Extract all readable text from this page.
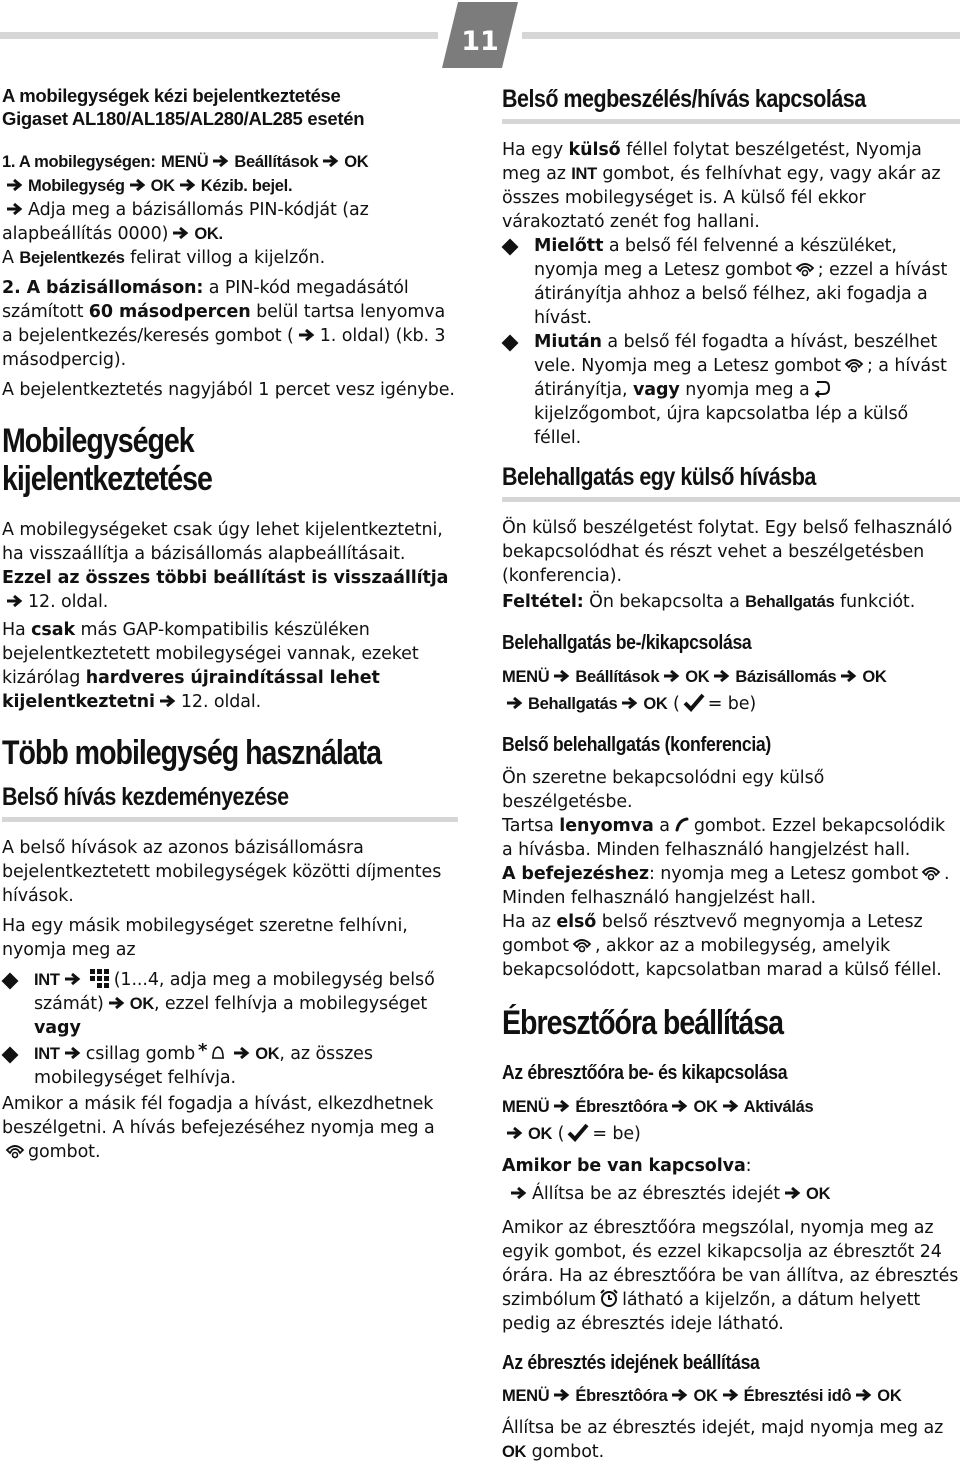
11

A mobilegységek kézi bejelentkeztetése Gigaset AL180/AL185/AL280/AL285 esetén

1. A mobilegységen: MENÜ Beállítások OK
Mobilegység OK Kézib. bejel.
Adja meg a bázisállomás PIN-kódját (az alapbeállítás 0000) OK.
A Bejelentkezés felirat villog a kijelzőn.

2. A bázisállomáson: a PIN-kód megadásától számított 60 másodpercen belül tartsa lenyomva a bejelentkezés/keresés gombot ( 1. oldal) (kb. 3 másodpercig).

A bejelentkeztetés nagyjából 1 percet vesz igénybe.

Mobilegységek

kijelentkeztetése

A mobilegységeket csak úgy lehet kijelentkeztetni, ha visszaállítja a bázisállomás alapbeállításait.

Ezzel az összes többi beállítást is visszaállítja
12. oldal.

Ha csak más GAP-kompatibilis készüléken bejelentkeztetett mobilegységei vannak, ezeket kizárólag hardveres újraindítással lehet kijelentkeztetni 12. oldal.

Több mobilegység használata

Belső hívás kezdeményezése

A belső hívások az azonos bázisállomásra bejelentkeztetett mobilegységek közötti díjmentes hívások.

Ha egy másik mobilegységet szeretne felhívni, nyomja meg az

INT	(1...4, adja meg a mobilegység belső számát) OK, ezzel felhívja a mobilegységet
vagy

INT csillag gomb *	OK, az összes mobilegységet felhívja.

Amikor a másik fél fogadja a hívást, elkezdhetnek beszélgetni. A hívás befejezéséhez nyomja meg a
gombot.

Belső megbeszélés/hívás kapcsolása

Ha egy külső féllel folytat beszélgetést, Nyomja meg az INT gombot, és felhívhat egy, vagy akár az összes mobilegységet is. A külső fél ekkor várakoztató zenét fog hallani.

Mielőtt a belső fél felvenné a készüléket, nyomja meg a Letesz gombot ; ezzel a hívást átirányítja ahhoz a belső félhez, aki fogadja a hívást.

Miután a belső fél fogadta a hívást, beszélhet vele. Nyomja meg a Letesz gombot ; a hívást átirányítja, vagy nyomja meg akijelzőgombot, újra kapcsolatba lép a külső féllel.

Belehallgatás egy külső hívásba

Ön külső beszélgetést folytat. Egy belső felhasználó bekapcsolódhat és részt vehet a beszélgetésben (konferencia).

Feltétel: Ön bekapcsolta a Behallgatás funkciót.

Belehallgatás be-/kikapcsolása

MENÜ Beállítások OK Bázisállomás OK
Behallgatás OK ( = be)

Belső belehallgatás (konferencia)

Ön szeretne bekapcsolódni egy külső beszélgetésbe.

Tartsa lenyomva a gombot. Ezzel bekapcsolódik a hívásba. Minden felhasználó hangjelzést hall.

A befejezéshez: nyomja meg a Letesz gombot . Minden felhasználó hangjelzést hall.

Ha az első belső résztvevő megnyomja a Letesz gombot , akkor az a mobilegység, amelyik bekapcsolódott, kapcsolatban marad a külső féllel.

Ébresztőóra beállítása

Az ébresztőóra be- és kikapcsolása

MENÜ Ébresztôóra OK Aktiválás
OK ( = be)

Amikor be van kapcsolva:

Állítsa be az ébresztés idejét OK

Amikor az ébresztőóra megszólal, nyomja meg az egyik gombot, és ezzel kikapcsolja az ébresztőt 24 órára. Ha az ébresztőóra be van állítva, az ébresztés szimbólum látható a kijelzőn, a dátum helyett pedig az ébresztés ideje látható.

Az ébresztés idejének beállítása

MENÜ Ébresztôóra OK Ébresztési idô OK

Állítsa be az ébresztés idejét, majd nyomja meg az OK gombot.
